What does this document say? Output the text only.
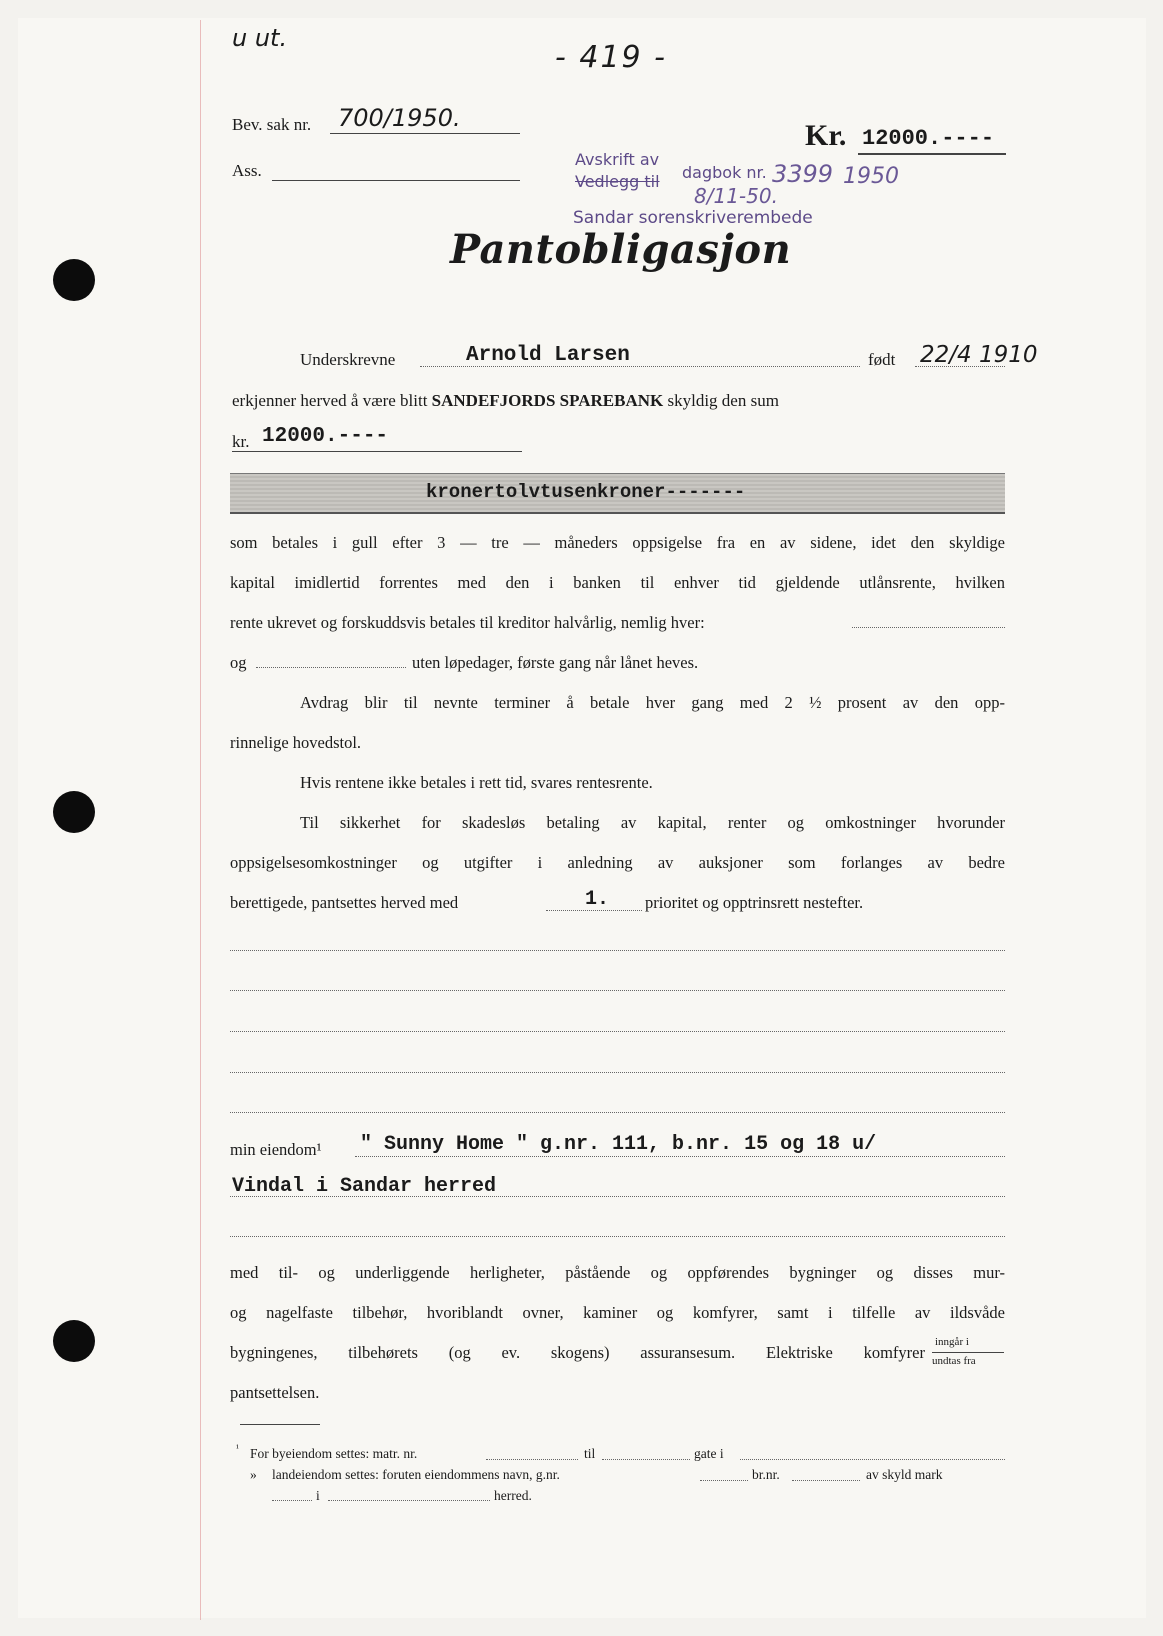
u ut.
- 419 -
Bev. sak nr. 700/1950.
Ass.
Kr. 12000.----
Avskrift av
Vedlegg til dagbok nr. 3399 1950
8/11-50.
Sandar sorenskriverembede
Pantobligasjon
Underskrevne	Arnold Larsen	født 22/4 1910
erkjenner herved å være blitt SANDEFJORDS SPAREBANK skyldig den sum
kr. 12000.----
kronertolvtusenkroner-------
som betales i gull efter 3 — tre — måneders oppsigelse fra en av sidene, idet den skyldige
kapital imidlertid forrentes med den i banken til enhver tid gjeldende utlånsrente, hvilken
rente ukrevet og forskuddsvis betales til kreditor halvårlig, nemlig hver:
og	uten løpedager, første gang når lånet heves.
Avdrag blir til nevnte terminer å betale hver gang med 2 ½ prosent av den opp-
rinnelige hovedstol.
Hvis rentene ikke betales i rett tid, svares rentesrente.
Til sikkerhet for skadesløs betaling av kapital, renter og omkostninger hvorunder
oppsigelsesomkostninger og utgifter i anledning av auksjoner som forlanges av bedre
berettigede, pantsettes herved med	1. prioritet og opptrinsrett nestefter.
min eiendom¹ " Sunny Home " g.nr. 111, b.nr. 15 og 18 u/
Vindal i Sandar herred
med til- og underliggende herligheter, påstående og oppførendes bygninger og disses mur-
og nagelfaste tilbehør, hvoriblandt ovner, kaminer og komfyrer, samt i tilfelle av ildsvåde
bygningenes, tilbehørets (og ev. skogens) assuransesum. Elektriske komfyrer
inngår i
undtas fra
pantsettelsen.
¹ For byeiendom settes: matr. nr.	til	gate i
» landeiendom settes: foruten eiendommens navn, g.nr.	br.nr.	av skyld mark
i	herred.
